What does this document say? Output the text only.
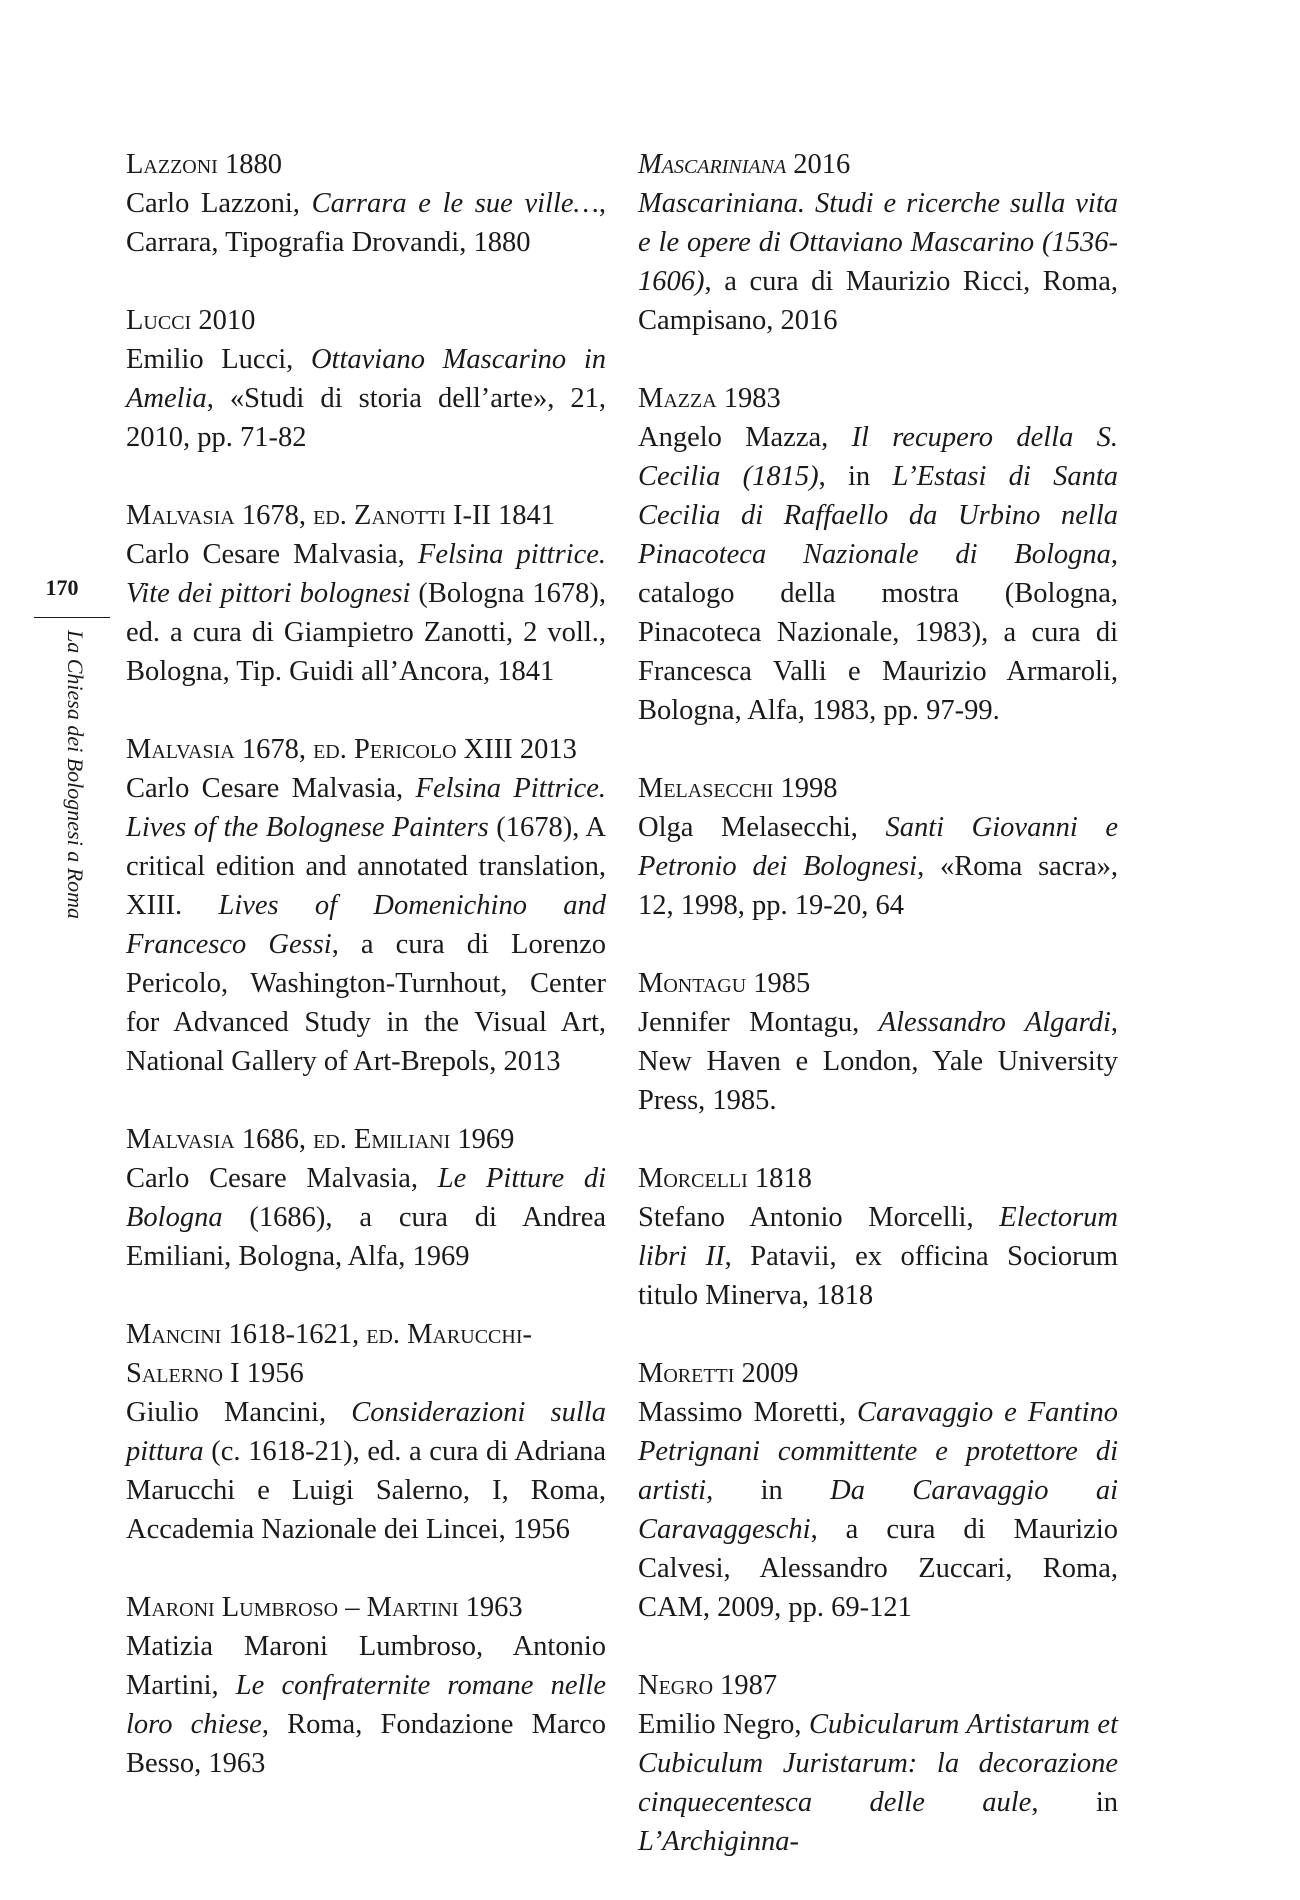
170
La Chiesa dei Bolognesi a Roma

Lazzoni 1880

Carlo Lazzoni, Carrara e le sue ville…, Carrara, Tipografia Drovandi, 1880

Lucci 2010

Emilio Lucci, Ottaviano Mascarino in Amelia, «Studi di storia dell’arte», 21, 2010, pp. 71-82

Malvasia 1678, ed. Zanotti I-II 1841

Carlo Cesare Malvasia, Felsina pittrice. Vite dei pittori bolognesi (Bologna 1678), ed. a cura di Giampietro Zanotti, 2 voll., Bologna, Tip. Guidi all’Ancora, 1841

Malvasia 1678, ed. Pericolo XIII 2013

Carlo Cesare Malvasia, Felsina Pittrice. Lives of the Bolognese Painters (1678), A critical edition and annotated translation, XIII. Lives of Domenichino and Francesco Gessi, a cura di Lorenzo Pericolo, Washington-Turnhout, Center for Advanced Study in the Visual Art, National Gallery of Art-Brepols, 2013

Malvasia 1686, ed. Emiliani 1969

Carlo Cesare Malvasia, Le Pitture di Bologna (1686), a cura di Andrea Emiliani, Bologna, Alfa, 1969

Mancini 1618-1621, ed. Marucchi-Salerno I 1956

Giulio Mancini, Considerazioni sulla pittura (c. 1618-21), ed. a cura di Adriana Marucchi e Luigi Salerno, I, Roma, Accademia Nazionale dei Lincei, 1956

Maroni Lumbroso – Martini 1963

Matizia Maroni Lumbroso, Antonio Martini, Le confraternite romane nelle loro chiese, Roma, Fondazione Marco Besso, 1963

Mascariniana 2016

Mascariniana. Studi e ricerche sulla vita e le opere di Ottaviano Mascarino (1536-1606), a cura di Maurizio Ricci, Roma, Campisano, 2016

Mazza 1983

Angelo Mazza, Il recupero della S. Cecilia (1815), in L’Estasi di Santa Cecilia di Raffaello da Urbino nella Pinacoteca Nazionale di Bologna, catalogo della mostra (Bologna, Pinacoteca Nazionale, 1983), a cura di Francesca Valli e Maurizio Armaroli, Bologna, Alfa, 1983, pp. 97-99.

Melasecchi 1998

Olga Melasecchi, Santi Giovanni e Petronio dei Bolognesi, «Roma sacra», 12, 1998, pp. 19-20, 64

Montagu 1985

Jennifer Montagu, Alessandro Algardi, New Haven e London, Yale University Press, 1985.

Morcelli 1818

Stefano Antonio Morcelli, Electorum libri II, Patavii, ex officina Sociorum titulo Minerva, 1818

Moretti 2009

Massimo Moretti, Caravaggio e Fantino Petrignani committente e protettore di artisti, in Da Caravaggio ai Caravaggeschi, a cura di Maurizio Calvesi, Alessandro Zuccari, Roma, CAM, 2009, pp. 69-121

Negro 1987

Emilio Negro, Cubicularum Artistarum et Cubiculum Juristarum: la decorazione cinquecentesca delle aule, in L’Archiginna-
